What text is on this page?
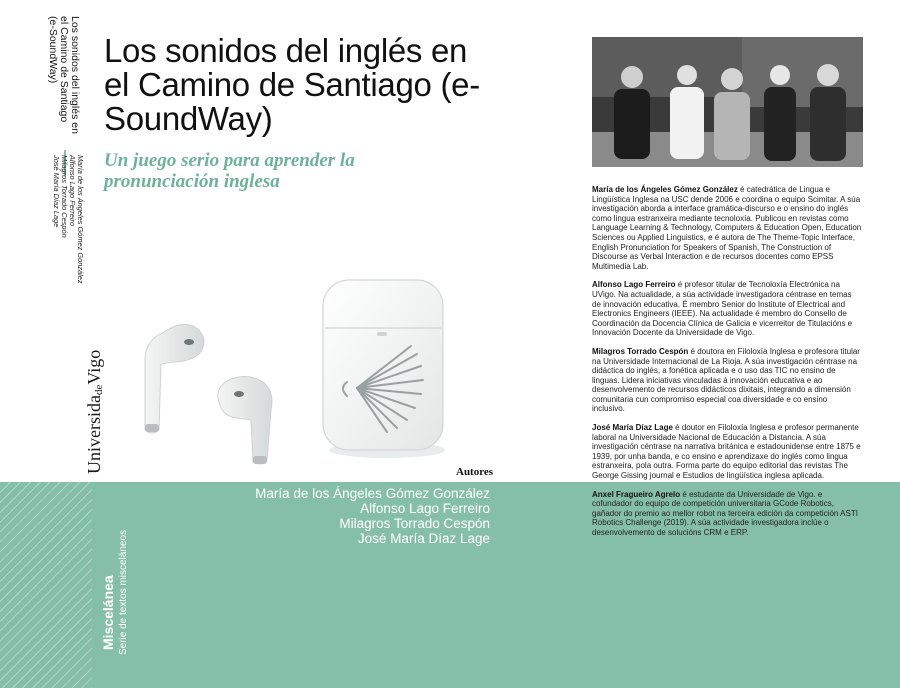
Los sonidos del inglés en
el Camino de Santiago
(e-SoundWay)
María de los Ángeles Gómez González
Alfonso Lago Ferreiro
Milagros Torrado Cespón
José María Díaz Lage
UniversidadeVigo
Los sonidos del inglés en el Camino de Santiago (e-SoundWay)
Un juego serio para aprender la pronunciación inglesa
Autores
María de los Ángeles Gómez González
Alfonso Lago Ferreiro
Milagros Torrado Cespón
José María Díaz Lage
Miscelánea Serie de textos misceláneos
María de los Ángeles Gómez González é catedrática de Lingua e Lingüística Inglesa na USC dende 2006 e coordina o equipo Scimitar. A súa investigación aborda a interface gramática-discurso e o ensino do inglés como lingua estranxeira mediante tecnoloxía. Publicou en revistas como Language Learning & Technology, Computers & Education Open, Education Sciences ou Applied Linguistics, e é autora de The Theme-Topic Interface, English Pronunciation for Speakers of Spanish, The Construction of Discourse as Verbal Interaction e de recursos docentes como EPSS Multimedia Lab.
Alfonso Lago Ferreiro é profesor titular de Tecnoloxía Electrónica na UVigo. Na actualidade, a súa actividade investigadora céntrase en temas de innovación educativa. É membro Senior do Institute of Electrical and Electronics Engineers (IEEE). Na actualidade é membro do Consello de Coordinación da Docencia Clínica de Galicia e vicerreitor de Titulacións e Innovación Docente da Universidade de Vigo.
Milagros Torrado Cespón é doutora en Filoloxía Inglesa e profesora titular na Universidade Internacional de La Rioja. A súa investigación céntrase na didáctica do inglés, a fonética aplicada e o uso das TIC no ensino de linguas. Lidera iniciativas vinculadas á innovación educativa e ao desenvolvemento de recursos didácticos dixitais, integrando a dimensión comunitaria cun compromiso especial coa diversidade e co ensino inclusivo.
José María Díaz Lage é doutor en Filoloxía Inglesa e profesor permanente laboral na Universidade Nacional de Educación a Distancia. A súa investigación céntrase na narrativa británica e estadounidense entre 1875 e 1939, por unha banda, e co ensino e aprendizaxe do inglés como lingua estranxeira, pola outra. Forma parte do equipo editorial das revistas The George Gissing journal e Estudios de lingüística inglesa aplicada.
Anxel Fragueiro Agrelo é estudante da Universidade de Vigo. e cofundador do equipo de competición universitaria GCode Robotics, gañador do premio ao mellor robot na terceira edición da competición ASTI Robotics Challenge (2019). A súa actividade investigadora inclúe o desenvolvemento de solucións CRM e ERP.
